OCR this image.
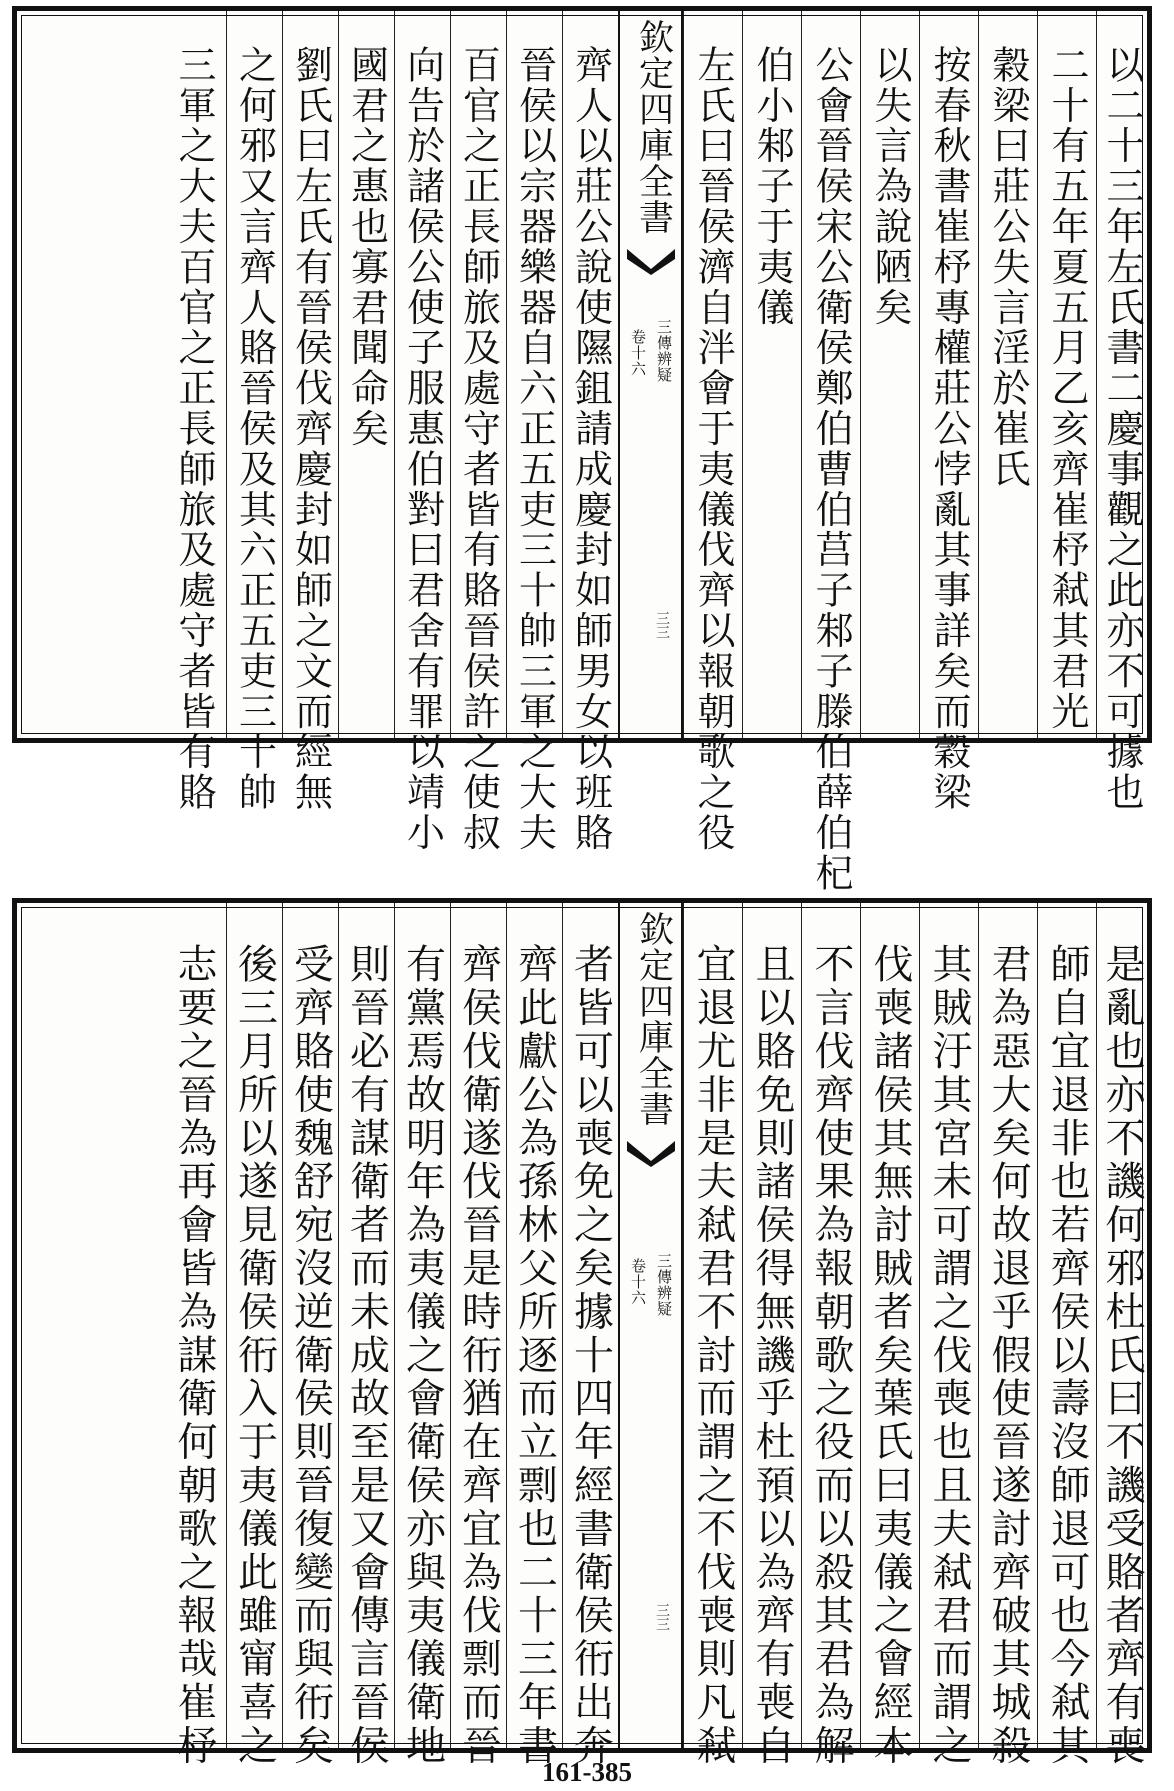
以二十三年左氏書二慶事觀之此亦不可據也
二十有五年夏五月乙亥齊崔杼弒其君光
穀梁曰莊公失言淫於崔氏
按春秋書崔杼專權莊公悖亂其事詳矣而穀梁
以失言為說陋矣
公會晉侯宋公衛侯鄭伯曹伯莒子邾子滕伯薛伯杞
伯小邾子于夷儀
左氏曰晉侯濟自泮會于夷儀伐齊以報朝歌之役
欽定四庫全書
三傳辨疑
卷十六
三三
齊人以莊公說使隰鉏請成慶封如師男女以班賂
晉侯以宗器樂器自六正五吏三十帥三軍之大夫
百官之正長師旅及處守者皆有賂晉侯許之使叔
向告於諸侯公使子服惠伯對曰君舍有罪以靖小
國君之惠也寡君聞命矣
劉氏曰左氏有晉侯伐齊慶封如師之文而經無
之何邪又言齊人賂晉侯及其六正五吏三十帥
三軍之大夫百官之正長師旅及處守者皆有賂
是亂也亦不譏何邪杜氏曰不譏受賂者齊有喪
師自宜退非也若齊侯以壽沒師退可也今弒其
君為惡大矣何故退乎假使晉遂討齊破其城殺
其賊汙其宮未可謂之伐喪也且夫弒君而謂之
伐喪諸侯其無討賊者矣葉氏曰夷儀之會經本
不言伐齊使果為報朝歌之役而以殺其君為解
且以賂免則諸侯得無譏乎杜預以為齊有喪自
宜退尤非是夫弒君不討而謂之不伐喪則凡弒
欽定四庫全書
三傳辨疑
卷十六
三三
者皆可以喪免之矣據十四年經書衛侯衎出奔
齊此獻公為孫林父所逐而立剽也二十三年書
齊侯伐衛遂伐晉是時衎猶在齊宜為伐剽而晉
有黨焉故明年為夷儀之會衛侯亦與夷儀衛地
則晉必有謀衛者而未成故至是又會傳言晉侯
受齊賂使魏舒宛沒逆衛侯則晉復變而與衎矣
後三月所以遂見衛侯衎入于夷儀此雖甯喜之
志要之晉為再會皆為謀衛何朝歌之報哉崔杼
161-385
